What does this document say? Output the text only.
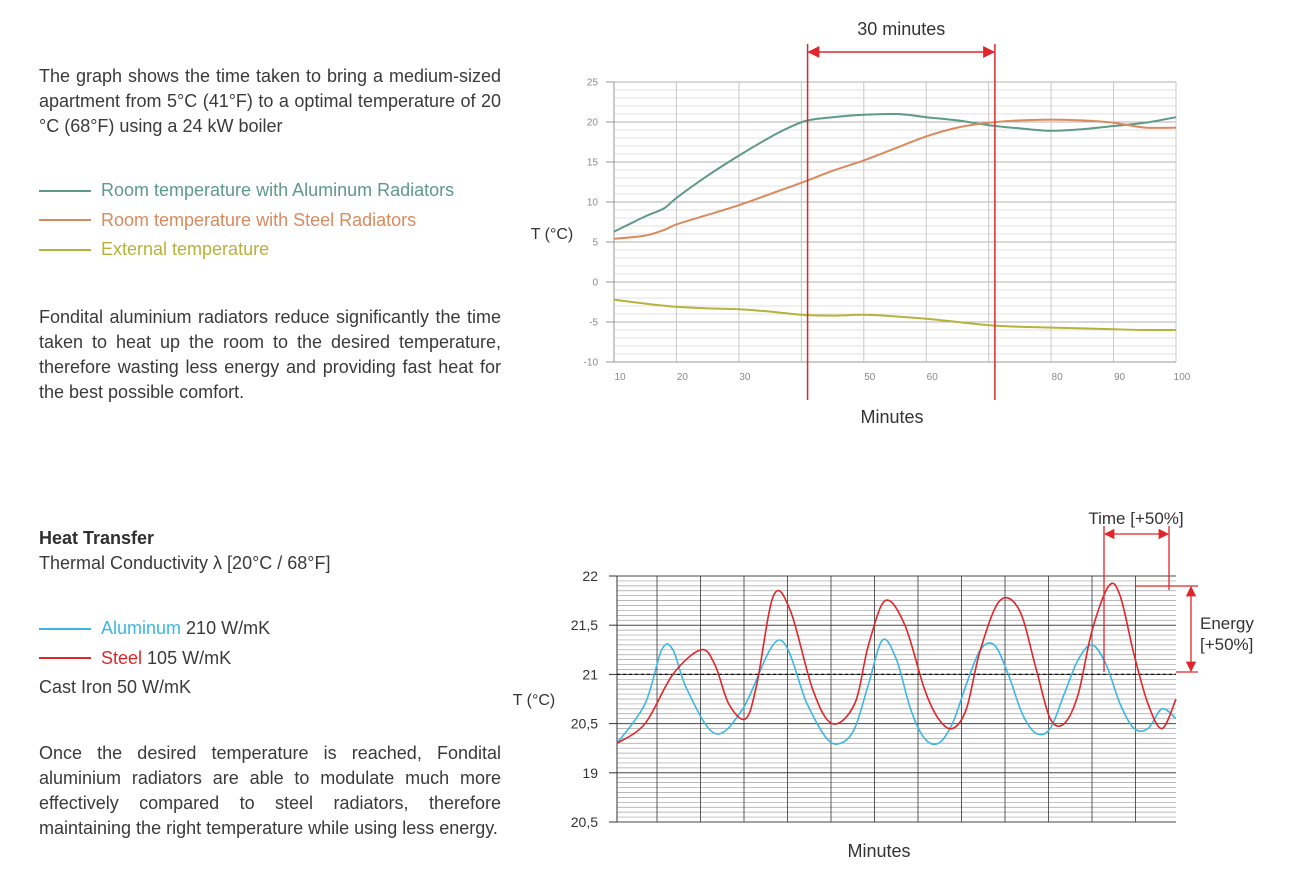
The graph shows the time taken to bring a medium-sized apartment from 5°C (41°F) to a optimal temperature of 20 °C (68°F) using a 24 kW boiler

Room temperature with Aluminum Radiators
Room temperature with Steel Radiators
External temperature

Fondital aluminium radiators reduce significantly the time taken to heat up the room to the desired temperature, therefore wasting less energy and providing fast heat for the best possible comfort.

Heat Transfer
Thermal Conductivity λ [20°C / 68°F]
Aluminum
210 W/mK
Steel
105 W/mK
Cast Iron 50 W/mK

Once the desired temperature is reached, Fondital aluminium radiators are able to modulate much more effectively compared to steel radiators, therefore maintaining the right temperature while using less energy.

25
20
15
10
5
0
-5
-10
10	20	30	50	60	80	90	100
T (°C)
Minutes
30 minutes
22
21,5
21
20,5
19
20,5
T (°C)
Minutes
Time [+50%]
Energy
[+50%]
